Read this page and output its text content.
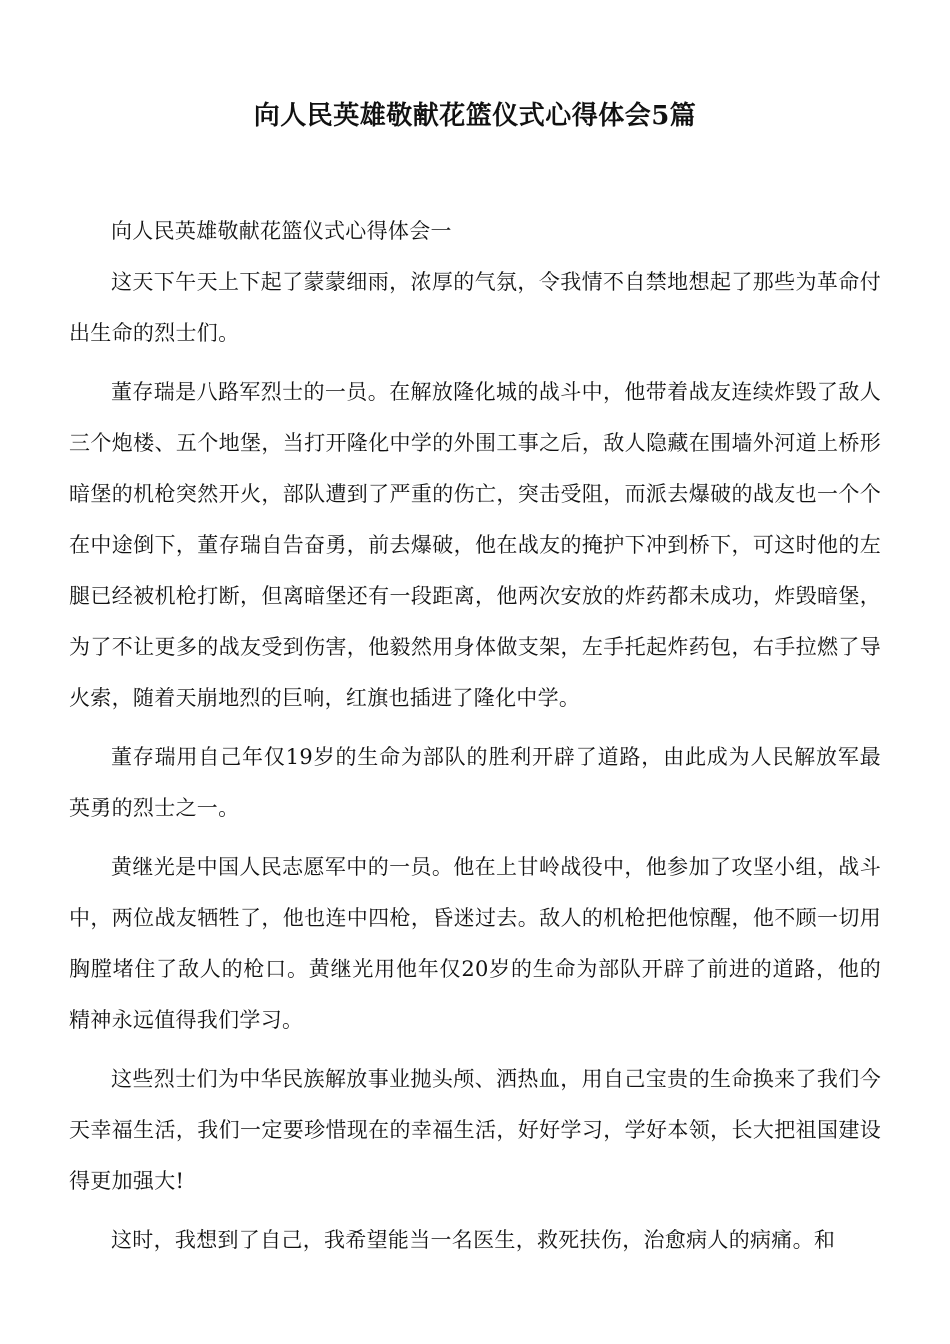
向人民英雄敬献花篮仪式心得体会5篇

向人民英雄敬献花篮仪式心得体会一

这天下午天上下起了蒙蒙细雨，浓厚的气氛，令我情不自禁地想起了那些为革命付出生命的烈士们。

董存瑞是八路军烈士的一员。在解放隆化城的战斗中，他带着战友连续炸毁了敌人三个炮楼、五个地堡，当打开隆化中学的外围工事之后，敌人隐藏在围墙外河道上桥形暗堡的机枪突然开火，部队遭到了严重的伤亡，突击受阻，而派去爆破的战友也一个个在中途倒下，董存瑞自告奋勇，前去爆破，他在战友的掩护下冲到桥下，可这时他的左腿已经被机枪打断，但离暗堡还有一段距离，他两次安放的炸药都未成功，炸毁暗堡，为了不让更多的战友受到伤害，他毅然用身体做支架，左手托起炸药包，右手拉燃了导火索，随着天崩地烈的巨响，红旗也插进了隆化中学。

董存瑞用自己年仅19岁的生命为部队的胜利开辟了道路，由此成为人民解放军最英勇的烈士之一。

黄继光是中国人民志愿军中的一员。他在上甘岭战役中，他参加了攻坚小组，战斗中，两位战友牺牲了，他也连中四枪，昏迷过去。敌人的机枪把他惊醒，他不顾一切用胸膛堵住了敌人的枪口。黄继光用他年仅20岁的生命为部队开辟了前进的道路，他的精神永远值得我们学习。

这些烈士们为中华民族解放事业抛头颅、洒热血，用自己宝贵的生命换来了我们今天幸福生活，我们一定要珍惜现在的幸福生活，好好学习，学好本领，长大把祖国建设得更加强大!

这时，我想到了自己，我希望能当一名医生，救死扶伤，治愈病人的病痛。和
